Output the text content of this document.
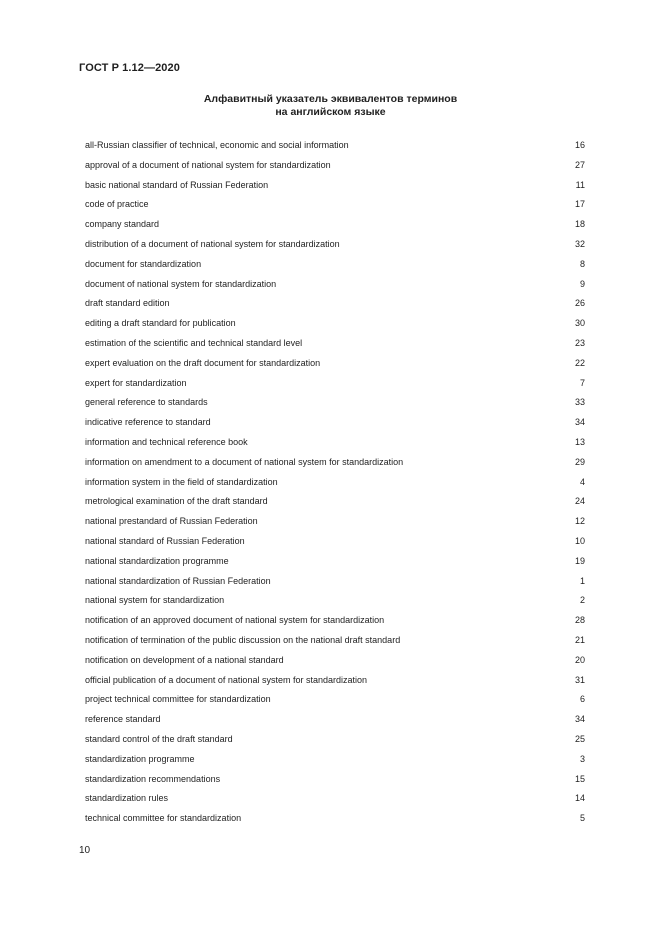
ГОСТ Р 1.12—2020
Алфавитный указатель эквивалентов терминов
на английском языке
all-Russian classifier of technical, economic and social information	16
approval of a document of national system for standardization	27
basic national standard of Russian Federation	11
code of practice	17
company standard	18
distribution of a document of national system for standardization	32
document for standardization	8
document of national system for standardization	9
draft standard edition	26
editing a draft standard for publication	30
estimation of the scientific and technical standard level	23
expert evaluation on the draft document for standardization	22
expert for standardization	7
general reference to standards	33
indicative reference to standard	34
information and technical reference book	13
information on amendment to a document of national system for standardization	29
information system in the field of standardization	4
metrological examination of the draft standard	24
national prestandard of Russian Federation	12
national standard of Russian Federation	10
national standardization programme	19
national standardization of Russian Federation	1
national system for standardization	2
notification of an approved document of national system for standardization	28
notification of termination of the public discussion on the national draft standard	21
notification on development of a national standard	20
official publication of a document of national system for standardization	31
project technical committee for standardization	6
reference standard	34
standard control of the draft standard	25
standardization programme	3
standardization recommendations	15
standardization rules	14
technical committee for standardization	5
10
